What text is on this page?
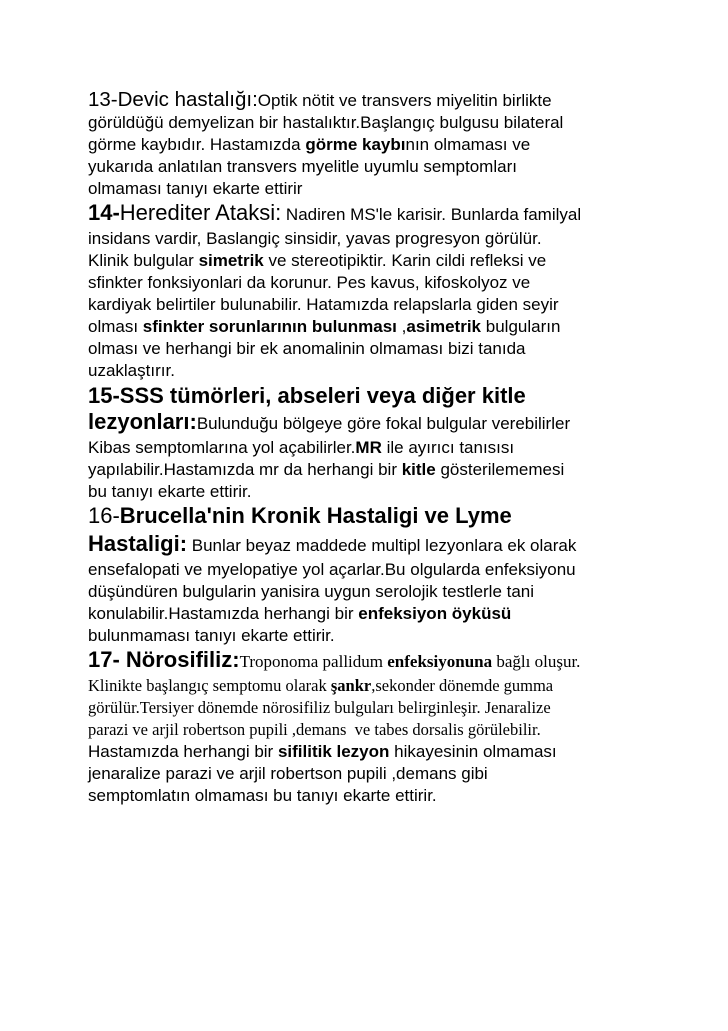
13-Devic hastalığı:Optik nötit ve transvers miyelitin birlikte
görüldüğü demyelizan bir hastalıktır.Başlangıç bulgusu bilateral
görme kaybıdır. Hastamızda görme kaybının olmaması ve
yukarıda anlatılan transvers myelitle uyumlu semptomları
olmaması tanıyı ekarte ettirir
14-Herediter Ataksi: Nadiren MS'le karisir. Bunlarda familyal
insidans vardir, Baslangiç sinsidir, yavas progresyon görülür.
Klinik bulgular simetrik ve stereotipiktir. Karin cildi refleksi ve
sfinkter fonksiyonlari da korunur. Pes kavus, kifoskolyoz ve
kardiyak belirtiler bulunabilir. Hatamızda relapslarla giden seyir
olması sfinkter sorunlarının bulunması ,asimetrik bulguların
olması ve herhangi bir ek anomalinin olmaması bizi tanıda
uzaklaştırır.
15-SSS tümörleri, abseleri veya diğer kitle
lezyonları:Bulunduğu bölgeye göre fokal bulgular verebilirler
Kibas semptomlarına yol açabilirler.MR ile ayırıcı tanısısı
yapılabilir.Hastamızda mr da herhangi bir kitle gösterilememesi
bu tanıyı ekarte ettirir.
16-Brucella'nin Kronik Hastaligi ve Lyme
Hastaligi: Bunlar beyaz maddede multipl lezyonlara ek olarak
ensefalopati ve myelopatiye yol açarlar.Bu olgularda enfeksiyonu
düşündüren bulgularin yanisira uygun serolojik testlerle tani
konulabilir.Hastamızda herhangi bir enfeksiyon öyküsü
bulunmaması tanıyı ekarte ettirir.
17- Nörosifiliz:Troponoma pallidum enfeksiyonuna bağlı oluşur.
Klinikte başlangıç semptomu olarak şankr,sekonder dönemde gumma
görülür.Tersiyer dönemde nörosifiliz bulguları belirginleşir. Jenaralize
parazi ve arjil robertson pupili ,demans  ve tabes dorsalis görülebilir.
Hastamızda herhangi bir sifilitik lezyon hikayesinin olmaması
jenaralize parazi ve arjil robertson pupili ,demans gibi
semptomlatın olmaması bu tanıyı ekarte ettirir.
